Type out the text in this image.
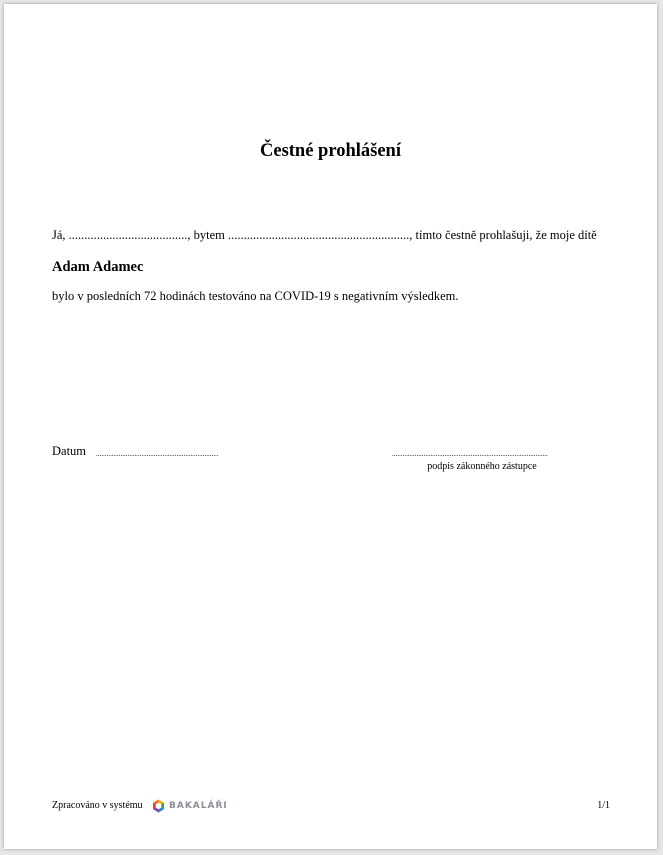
Čestné prohlášení
Já, ......................................, bytem .........................................................., tímto čestně prohlašuji, že moje dítě
Adam Adamec
bylo v posledních 72 hodinách testováno na COVID-19 s negativním výsledkem.
Datum ......................................................................	.........................................................................................
podpis zákonného zástupce
Zpracováno v systému	BAKALÁŘI	1/1
